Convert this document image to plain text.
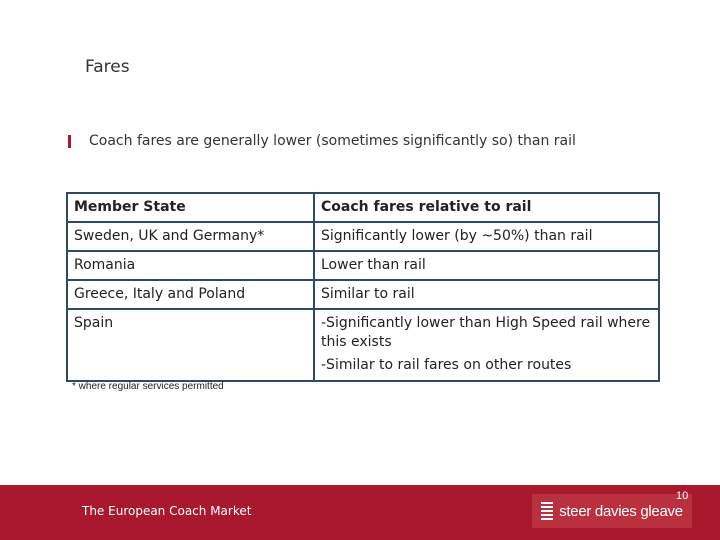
Fares
Coach fares are generally lower (sometimes significantly so) than rail
Member State	Coach fares relative to rail
Sweden, UK and Germany*	Significantly lower (by ~50%) than rail
Romania	Lower than rail
Greece, Italy and Poland	Similar to rail
Spain	-Significantly lower than High Speed rail where this exists
-Similar to rail fares on other routes
* where regular services permitted
The European Coach Market	steer davies gleave
10
